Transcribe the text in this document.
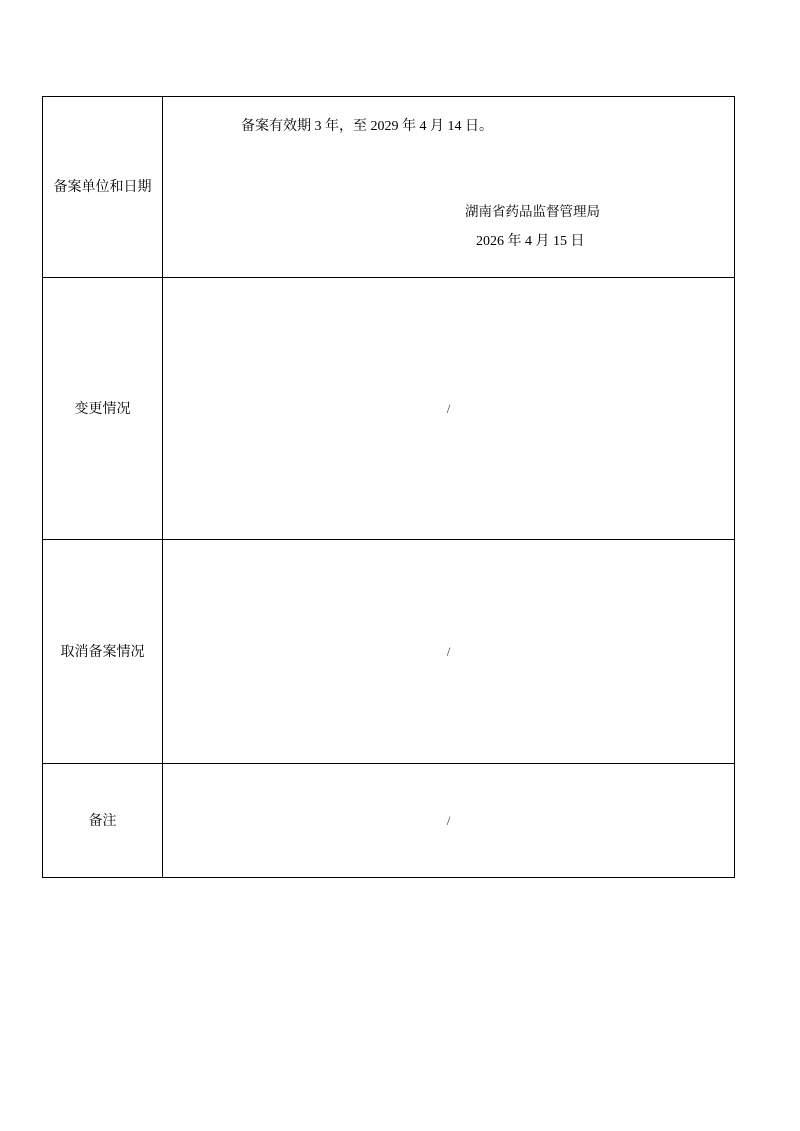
备案单位和日期	备案有效期 3 年，至 2029 年 4 月 14 日。
湖南省药品监督管理局
2026 年 4 月 15 日

变更情况	/
取消备案情况	/
备注	/
